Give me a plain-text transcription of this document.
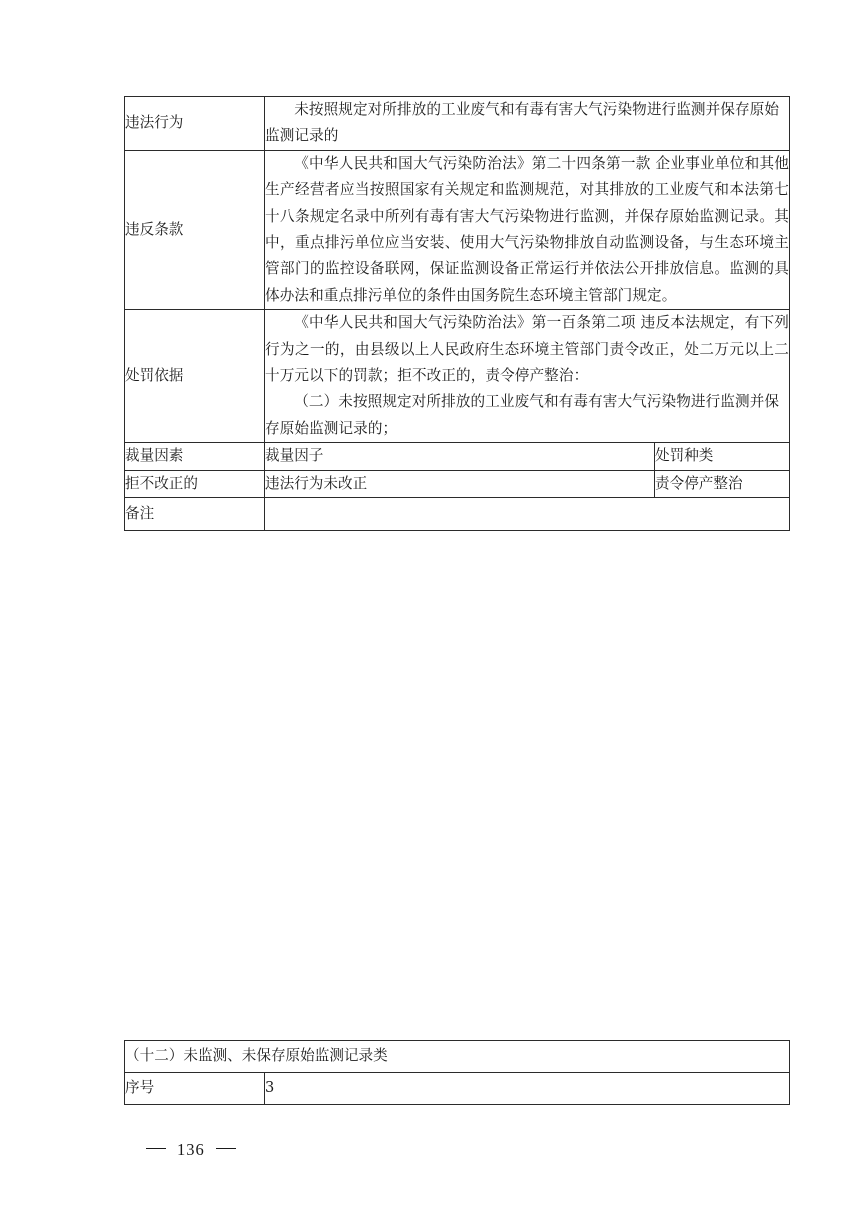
违法行为	未按照规定对所排放的工业废气和有毒有害大气污染物进行监测并保存原始监测记录的	

违反条款	《中华人民共和国大气污染防治法》第二十四条第一款 企业事业单位和其他生产经营者应当按照国家有关规定和监测规范，对其排放的工业废气和本法第七十八条规定名录中所列有毒有害大气污染物进行监测，并保存原始监测记录。其中，重点排污单位应当安装、使用大气污染物排放自动监测设备，与生态环境主管部门的监控设备联网，保证监测设备正常运行并依法公开排放信息。监测的具体办法和重点排污单位的条件由国务院生态环境主管部门规定。	

处罚依据	《中华人民共和国大气污染防治法》第一百条第二项 违反本法规定，有下列行为之一的，由县级以上人民政府生态环境主管部门责令改正，处二万元以上二十万元以下的罚款；拒不改正的，责令停产整治：

（二）未按照规定对所排放的工业废气和有毒有害大气污染物进行监测并保存原始监测记录的；	

裁量因素	裁量因子	处罚种类
拒不改正的	违法行为未改正	责令停产整治
备注		
（十二）未监测、未保存原始监测记录类
序号	3
136
